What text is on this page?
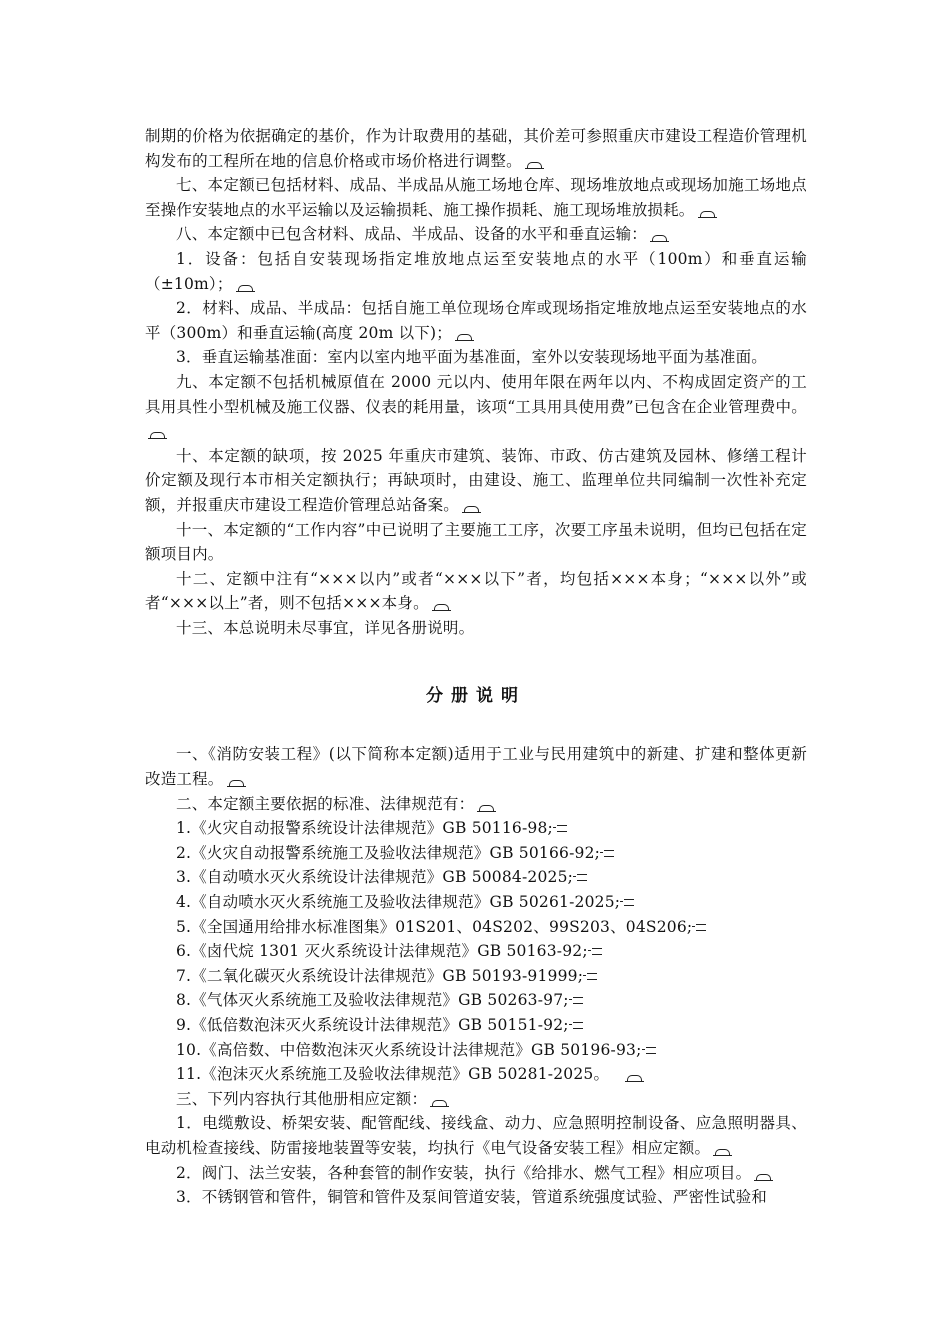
制期的价格为依据确定的基价，作为计取费用的基础，其价差可参照重庆市建设工程造价管理机构发布的工程所在地的信息价格或市场价格进行调整。

七、本定额已包括材料、成品、半成品从施工场地仓库、现场堆放地点或现场加施工场地点至操作安装地点的水平运输以及运输损耗、施工操作损耗、施工现场堆放损耗。

八、本定额中已包含材料、成品、半成品、设备的水平和垂直运输：

1．设备：包括自安装现场指定堆放地点运至安装地点的水平（100m）和垂直运输（±10m）；

2．材料、成品、半成品：包括自施工单位现场仓库或现场指定堆放地点运至安装地点的水平（300m）和垂直运输(高度 20m 以下)；

3．垂直运输基准面：室内以室内地平面为基准面，室外以安装现场地平面为基准面。

九、本定额不包括机械原值在 2000 元以内、使用年限在两年以内、不构成固定资产的工具用具性小型机械及施工仪器、仪表的耗用量，该项“工具用具使用费”已包含在企业管理费中。

十、本定额的缺项，按 2025 年重庆市建筑、装饰、市政、仿古建筑及园林、修缮工程计价定额及现行本市相关定额执行；再缺项时，由建设、施工、监理单位共同编制一次性补充定额，并报重庆市建设工程造价管理总站备案。

十一、本定额的“工作内容”中已说明了主要施工工序，次要工序虽未说明，但均已包括在定额项目内。

十二、定额中注有“×××以内”或者“×××以下”者，均包括×××本身；“×××以外”或者“×××以上”者，则不包括×××本身。

十三、本总说明未尽事宜，详见各册说明。

分册说明

一、《消防安装工程》(以下简称本定额)适用于工业与民用建筑中的新建、扩建和整体更新改造工程。

二、本定额主要依据的标准、法律规范有：

1.《火灾自动报警系统设计法律规范》GB 50116-98;

2.《火灾自动报警系统施工及验收法律规范》GB 50166-92;

3.《自动喷水灭火系统设计法律规范》GB 50084-2025;

4.《自动喷水灭火系统施工及验收法律规范》GB 50261-2025;

5.《全国通用给排水标准图集》01S201、04S202、99S203、04S206;

6.《卤代烷 1301 灭火系统设计法律规范》GB 50163-92;

7.《二氧化碳灭火系统设计法律规范》GB 50193-91999;

8.《气体灭火系统施工及验收法律规范》GB 50263-97;

9.《低倍数泡沫灭火系统设计法律规范》GB 50151-92;

10.《高倍数、中倍数泡沫灭火系统设计法律规范》GB 50196-93;

11.《泡沫灭火系统施工及验收法律规范》GB 50281-2025。

三、下列内容执行其他册相应定额：

1．电缆敷设、桥架安装、配管配线、接线盒、动力、应急照明控制设备、应急照明器具、电动机检查接线、防雷接地装置等安装，均执行《电气设备安装工程》相应定额。

2．阀门、法兰安装，各种套管的制作安装，执行《给排水、燃气工程》相应项目。

3．不锈钢管和管件，铜管和管件及泵间管道安装，管道系统强度试验、严密性试验和
